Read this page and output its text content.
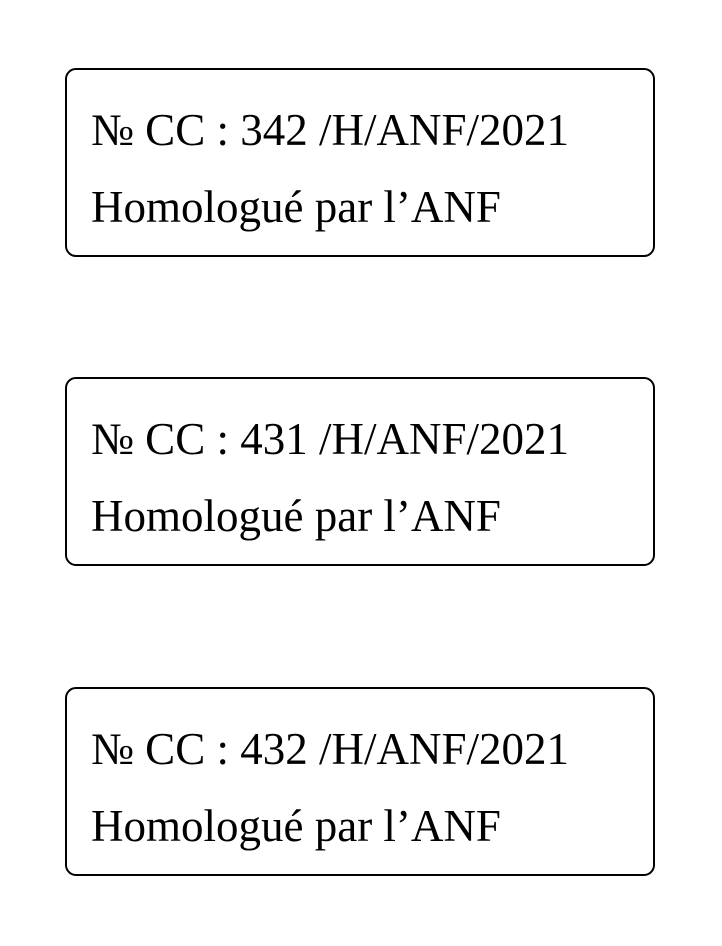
№ CC : 342 /H/ANF/2021
Homologué par l’ANF
№ CC : 431 /H/ANF/2021
Homologué par l’ANF
№ CC : 432 /H/ANF/2021
Homologué par l’ANF
